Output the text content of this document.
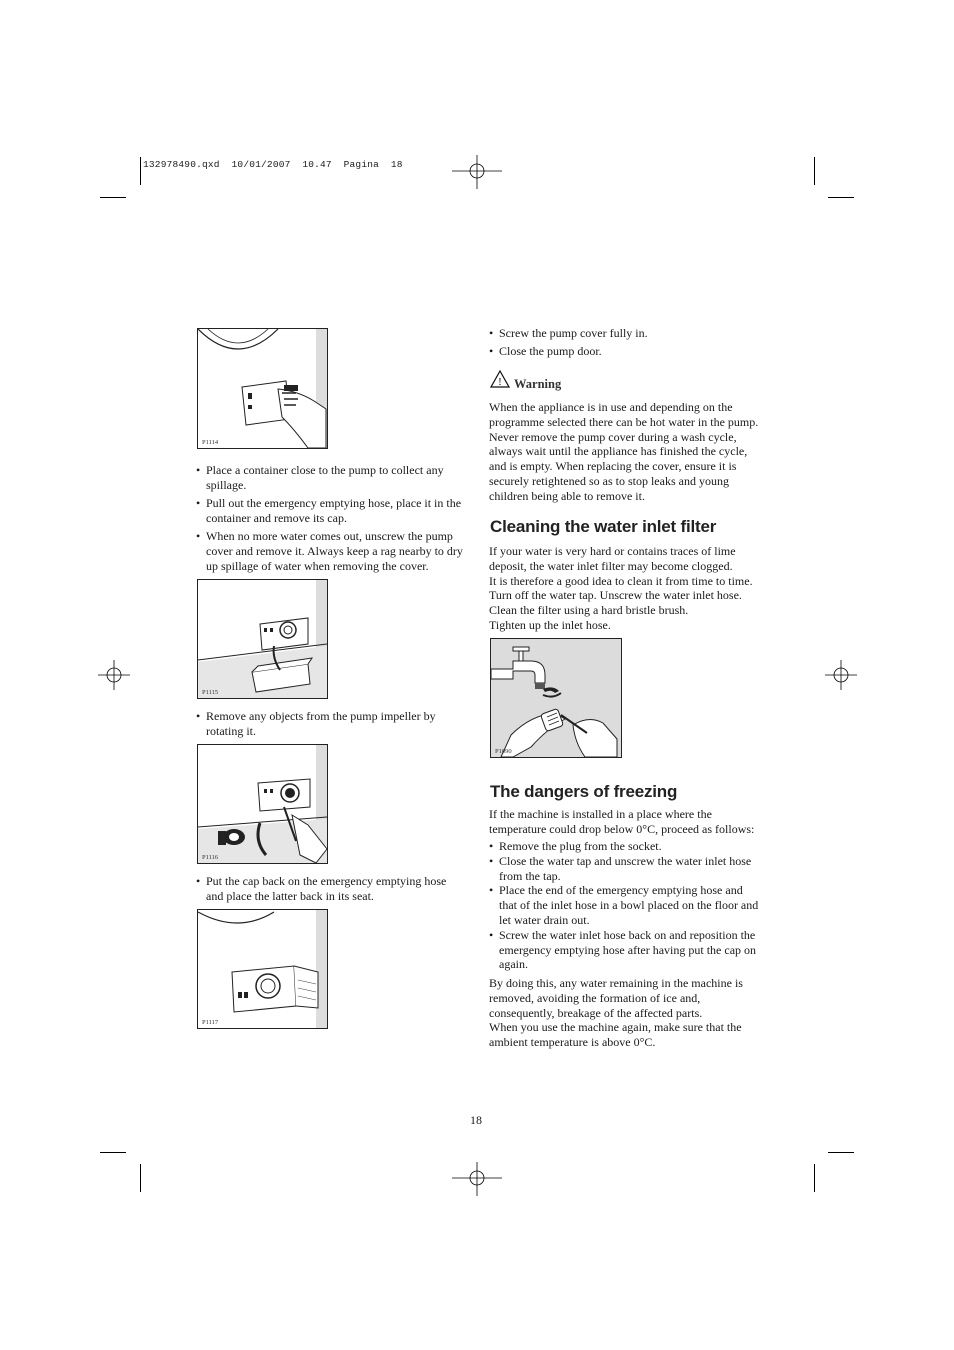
132978490.qxd  10/01/2007  10.47  Pagina  18
P1114
• Place a container close to the pump to collect any spillage.
• Pull out the emergency emptying hose, place it in the container and remove its cap.
• When no more water comes out, unscrew the pump cover and remove it. Always keep a rag nearby to dry up spillage of water when removing the cover.
P1115
• Remove any objects from the pump impeller by rotating it.
P1116
• Put the cap back on the emergency emptying hose and place the latter back in its seat.
P1117
• Screw the pump cover fully in.
• Close the pump door.
! Warning

When the appliance is in use and depending on the programme selected there can be hot water in the pump. Never remove the pump cover during a wash cycle, always wait until the appliance has finished the cycle, and is empty. When replacing the cover, ensure it is securely retightened so as to stop leaks and young children being able to remove it.

Cleaning the water inlet filter

If your water is very hard or contains traces of lime deposit, the water inlet filter may become clogged.

It is therefore a good idea to clean it from time to time.

Turn off the water tap. Unscrew the water inlet hose.

Clean the filter using a hard bristle brush.

Tighten up the inlet hose.

P1090
The dangers of freezing

If the machine is installed in a place where the temperature could drop below 0°C, proceed as follows:

• Remove the plug from the socket.
• Close the water tap and unscrew the water inlet hose from the tap.
• Place the end of the emergency emptying hose and that of the inlet hose in a bowl placed on the floor and let water drain out.
• Screw the water inlet hose back on and reposition the emergency emptying hose after having put the cap on again.

By doing this, any water remaining in the machine is removed, avoiding the formation of ice and, consequently, breakage of the affected parts.

When you use the machine again, make sure that the ambient temperature is above 0°C.

18
